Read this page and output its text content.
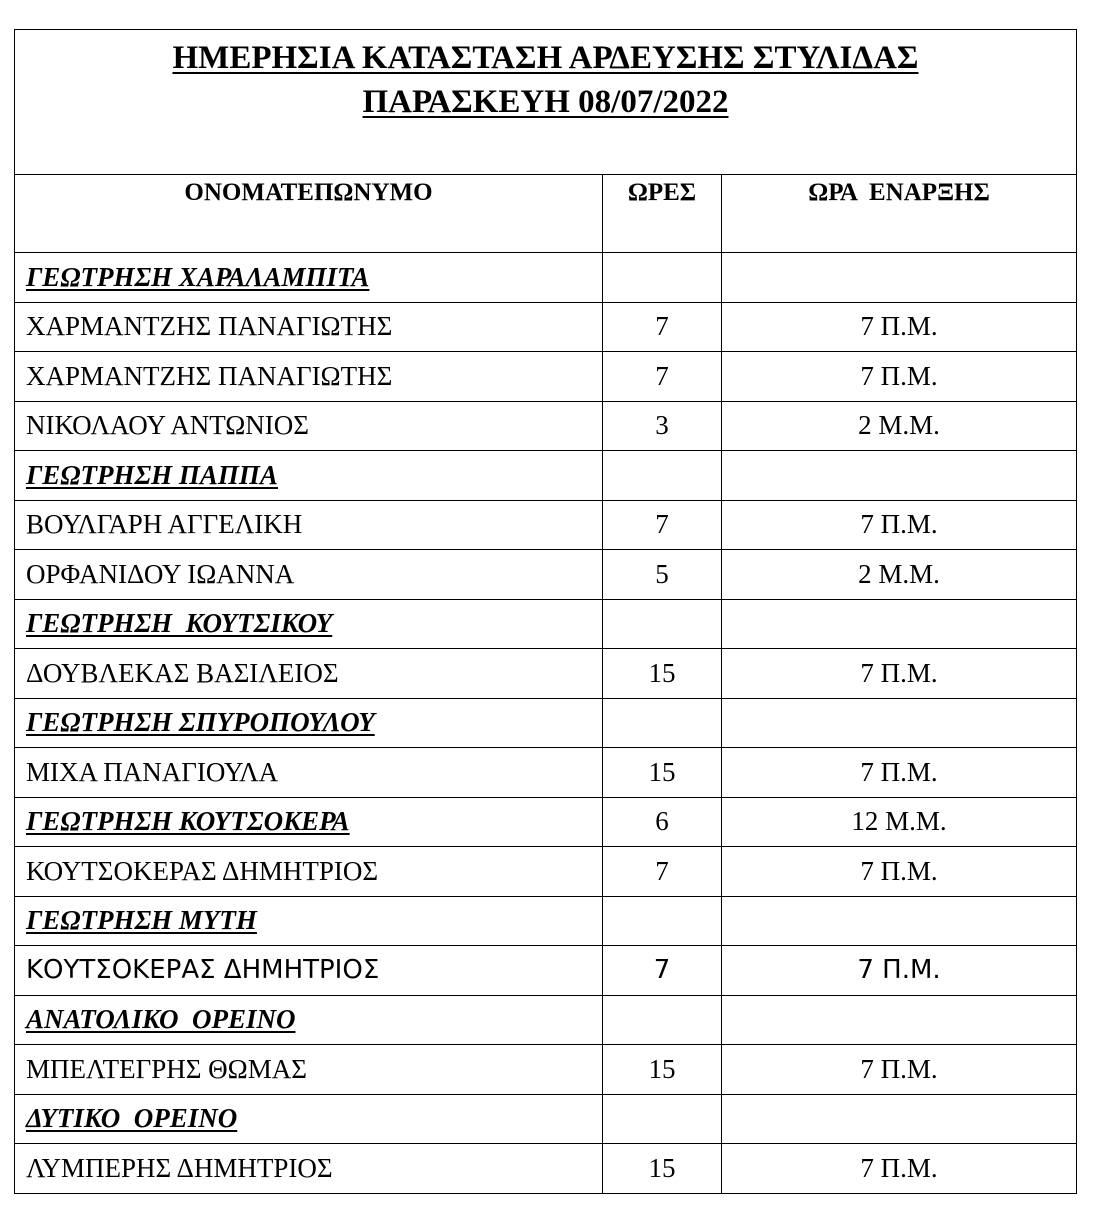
ΗΜΕΡΗΣΙΑ ΚΑΤΑΣΤΑΣΗ ΑΡΔΕΥΣΗΣ ΣΤΥΛΙΔΑΣ
ΠΑΡΑΣΚΕΥΗ 08/07/2022		

ΟΝΟΜΑΤΕΠΩΝΥΜΟ	ΩΡΕΣ	ΩΡΑ  ΕΝΑΡΞΗΣ
ΓΕΩΤΡΗΣΗ ΧΑΡΑΛΑΜΠΙΤΑ		
ΧΑΡΜΑΝΤΖΗΣ ΠΑΝΑΓΙΩΤΗΣ	7	7 Π.Μ.
ΧΑΡΜΑΝΤΖΗΣ ΠΑΝΑΓΙΩΤΗΣ	7	7 Π.Μ.
ΝΙΚΟΛΑΟΥ ΑΝΤΩΝΙΟΣ	3	2 Μ.Μ.
ΓΕΩΤΡΗΣΗ ΠΑΠΠΑ		
ΒΟΥΛΓΑΡΗ ΑΓΓΕΛΙΚΗ	7	7 Π.Μ.
ΟΡΦΑΝΙΔΟΥ ΙΩΑΝΝΑ	5	2 Μ.Μ.
ΓΕΩΤΡΗΣΗ  ΚΟΥΤΣΙΚΟΥ		
ΔΟΥΒΛΕΚΑΣ ΒΑΣΙΛΕΙΟΣ	15	7 Π.Μ.
ΓΕΩΤΡΗΣΗ ΣΠΥΡΟΠΟΥΛΟΥ		
ΜΙΧΑ ΠΑΝΑΓΙΟΥΛΑ	15	7 Π.Μ.
ΓΕΩΤΡΗΣΗ ΚΟΥΤΣΟΚΕΡΑ	6	12 Μ.Μ.
ΚΟΥΤΣΟΚΕΡΑΣ ΔΗΜΗΤΡΙΟΣ	7	7 Π.Μ.
ΓΕΩΤΡΗΣΗ ΜΥΤΗ		
ΚΟΥΤΣΟΚΕΡΑΣ ΔΗΜΗΤΡΙΟΣ	7	7 Π.Μ.
ΑΝΑΤΟΛΙΚΟ  ΟΡΕΙΝΟ		
ΜΠΕΛΤΕΓΡΗΣ ΘΩΜΑΣ	15	7 Π.Μ.
ΔΥΤΙΚΟ  ΟΡΕΙΝΟ		
ΛΥΜΠΕΡΗΣ ΔΗΜΗΤΡΙΟΣ	15	7 Π.Μ.
